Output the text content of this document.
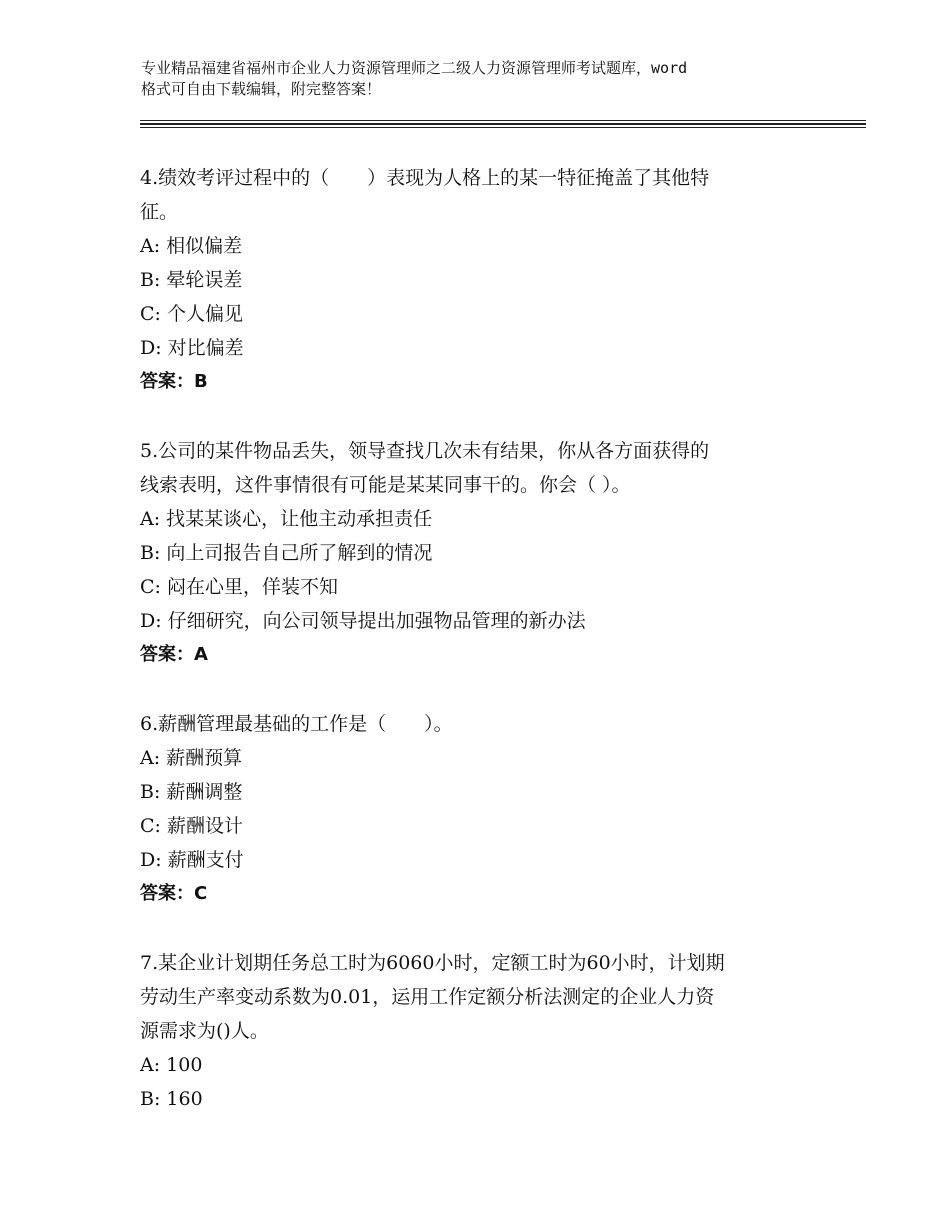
专业精品福建省福州市企业人力资源管理师之二级人力资源管理师考试题库，word
格式可自由下载编辑，附完整答案！

4.绩效考评过程中的（　　）表现为人格上的某一特征掩盖了其他特

征。

A: 相似偏差

B: 晕轮误差

C: 个人偏见

D: 对比偏差

答案：B

5.公司的某件物品丢失，领导查找几次未有结果，你从各方面获得的

线索表明，这件事情很有可能是某某同事干的。你会（ ）。

A: 找某某谈心，让他主动承担责任

B: 向上司报告自己所了解到的情况

C: 闷在心里，佯装不知

D: 仔细研究，向公司领导提出加强物品管理的新办法

答案：A

6.薪酬管理最基础的工作是（　　）。

A: 薪酬预算

B: 薪酬调整

C: 薪酬设计

D: 薪酬支付

答案：C

7.某企业计划期任务总工时为6060小时，定额工时为60小时，计划期

劳动生产率变动系数为0.01，运用工作定额分析法测定的企业人力资

源需求为()人。

A: 100

B: 160
